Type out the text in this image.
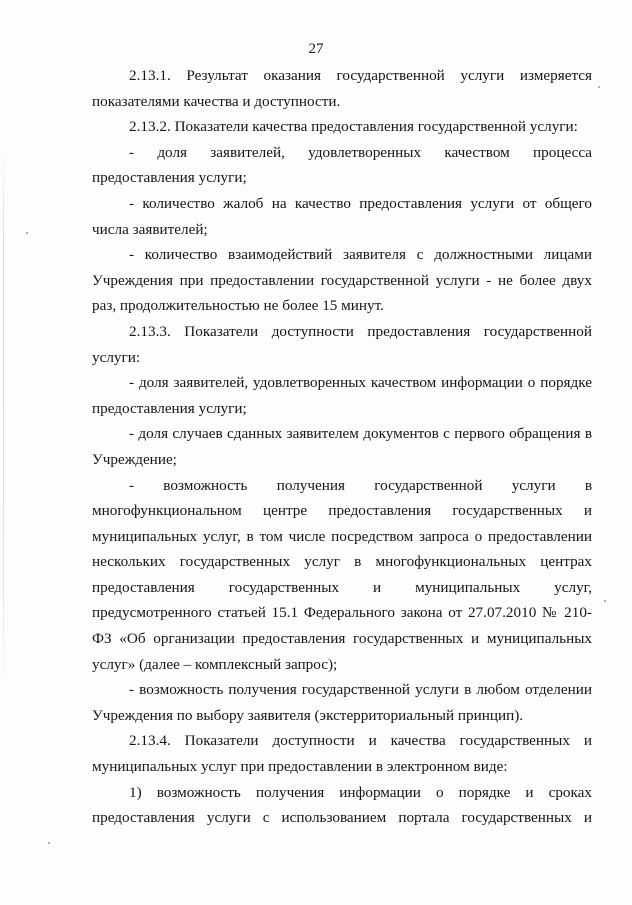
27

2.13.1. Результат оказания государственной услуги измеряется показателями качества и доступности.

2.13.2. Показатели качества предоставления государственной услуги:

- доля заявителей, удовлетворенных качеством процесса предоставления услуги;

- количество жалоб на качество предоставления услуги от общего числа заявителей;

- количество взаимодействий заявителя с должностными лицами Учреждения при предоставлении государственной услуги - не более двух раз, продолжительностью не более 15 минут.

2.13.3. Показатели доступности предоставления государственной услуги:

- доля заявителей, удовлетворенных качеством информации о порядке предоставления услуги;

- доля случаев сданных заявителем документов с первого обращения в Учреждение;

- возможность получения государственной услуги в многофункциональном центре предоставления государственных и муниципальных услуг, в том числе посредством запроса о предоставлении нескольких государственных услуг в многофункциональных центрах предоставления государственных и муниципальных услуг, предусмотренного статьей 15.1 Федерального закона от 27.07.2010 № 210-ФЗ «Об организации предоставления государственных и муниципальных услуг» (далее – комплексный запрос);

- возможность получения государственной услуги в любом отделении Учреждения по выбору заявителя (экстерриториальный принцип).

2.13.4. Показатели доступности и качества государственных и муниципальных услуг при предоставлении в электронном виде:

1) возможность получения информации о порядке и сроках предоставления услуги с использованием портала государственных и
